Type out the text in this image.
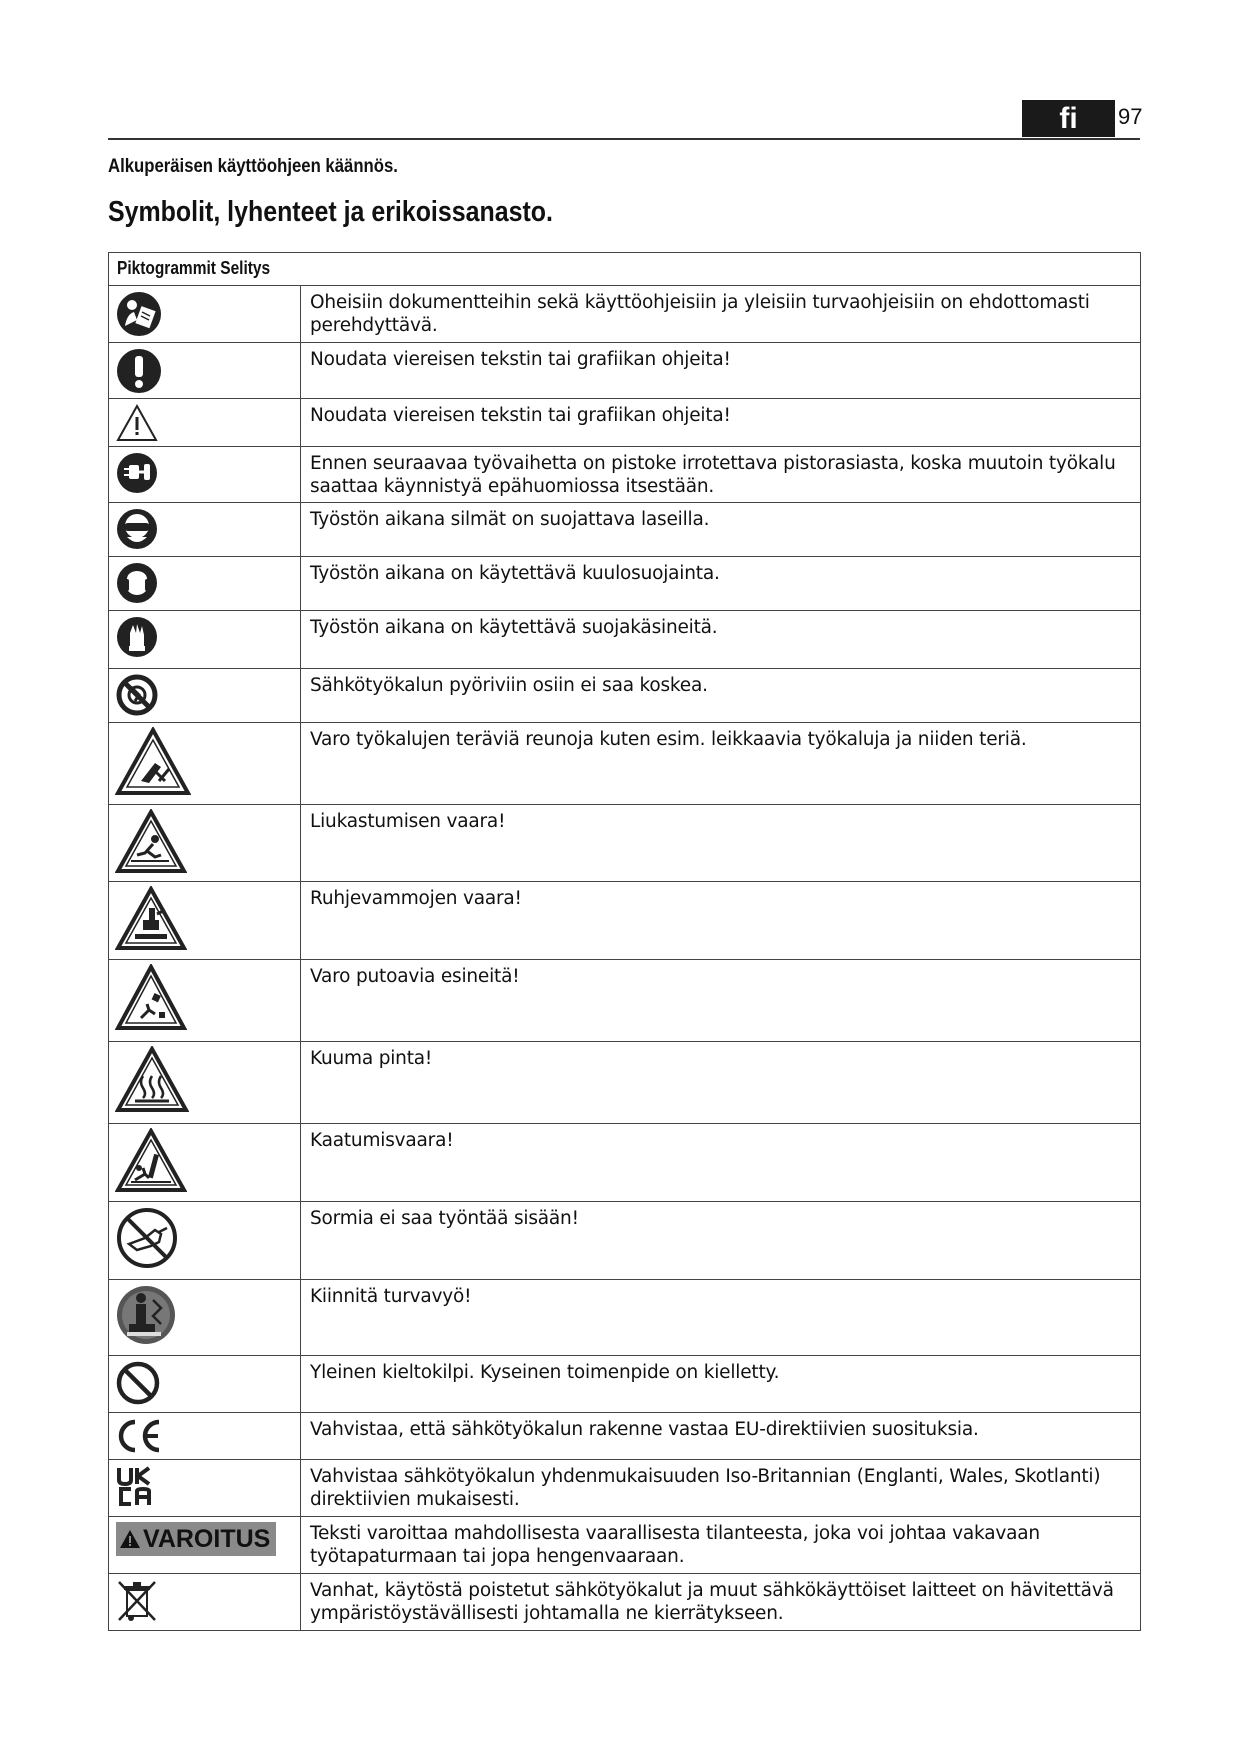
fi	97
Alkuperäisen käyttöohjeen käännös.
Symbolit, lyhenteet ja erikoissanasto.
Piktogrammit Selitys	

	Oheisiin dokumentteihin sekä käyttöohjeisiin ja yleisiin turvaohjeisiin on ehdottomasti perehdyttävä.

	Noudata viereisen tekstin tai grafiikan ohjeita!

	Noudata viereisen tekstin tai grafiikan ohjeita!

	Ennen seuraavaa työvaihetta on pistoke irrotettava pistorasiasta, koska muutoin työkalu saattaa käynnistyä epähuomiossa itsestään.

	Työstön aikana silmät on suojattava laseilla.

	Työstön aikana on käytettävä kuulosuojainta.

	Työstön aikana on käytettävä suojakäsineitä.

	Sähkötyökalun pyöriviin osiin ei saa koskea.

	Varo työkalujen teräviä reunoja kuten esim. leikkaavia työkaluja ja niiden teriä.

	Liukastumisen vaara!

	Ruhjevammojen vaara!

	Varo putoavia esineitä!

	Kuuma pinta!

	Kaatumisvaara!

	Sormia ei saa työntää sisään!

	Kiinnitä turvavyö!

	Yleinen kieltokilpi. Kyseinen toimenpide on kielletty.

	Vahvistaa, että sähkötyökalun rakenne vastaa EU-direktiivien suosituksia.

	Vahvistaa sähkötyökalun yhdenmukaisuuden Iso-Britannian (Englanti, Wales, Skotlanti) direktiivien mukaisesti.

VAROITUS	Teksti varoittaa mahdollisesta vaarallisesta tilanteesta, joka voi johtaa vakavaan työtapaturmaan tai jopa hengenvaaraan.

	Vanhat, käytöstä poistetut sähkötyökalut ja muut sähkökäyttöiset laitteet on hävitettävä ympäristöystävällisesti johtamalla ne kierrätykseen.
